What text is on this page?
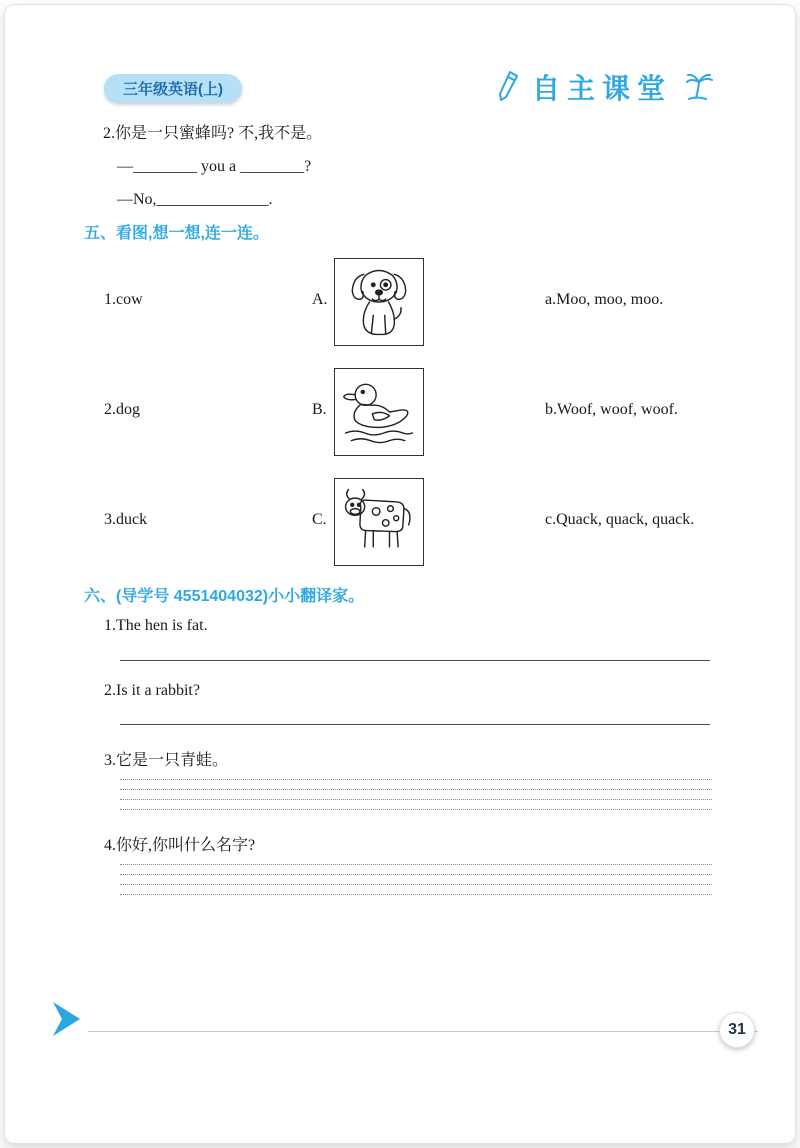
三年级英语(上)	自主课堂
2.你是一只蜜蜂吗? 不,我不是。
—________ you a ________?
—No,______________.
五、看图,想一想,连一连。
1.cow	A.	a.Moo, moo, moo.
2.dog	B.	b.Woof, woof, woof.
3.duck	C.	c.Quack, quack, quack.
六、(导学号 4551404032)小小翻译家。
1.The hen is fat.
2.Is it a rabbit?
3.它是一只青蛙。
4.你好,你叫什么名字?
31
